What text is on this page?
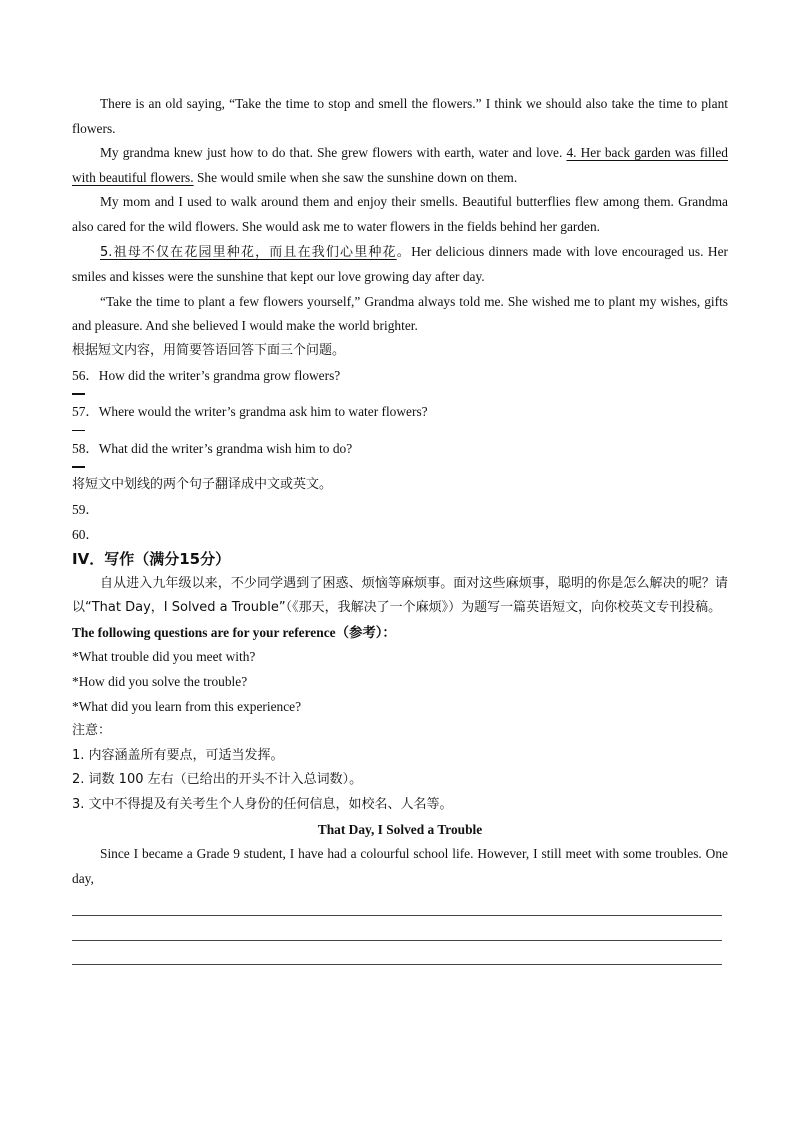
There is an old saying, “Take the time to stop and smell the flowers.” I think we should also take the time to plant flowers.

My grandma knew just how to do that. She grew flowers with earth, water and love. 4. Her back garden was filled with beautiful flowers. She would smile when she saw the sunshine down on them.

My mom and I used to walk around them and enjoy their smells. Beautiful butterflies flew among them. Grandma also cared for the wild flowers. She would ask me to water flowers in the fields behind her garden.

5.祖母不仅在花园里种花，而且在我们心里种花。Her delicious dinners made with love encouraged us. Her smiles and kisses were the sunshine that kept our love growing day after day.

“Take the time to plant a few flowers yourself,” Grandma always told me. She wished me to plant my wishes, gifts and pleasure. And she believed I would make the world brighter.

根据短文内容，用简要答语回答下面三个问题。

56．How did the writer’s grandma grow flowers?

57．Where would the writer’s grandma ask him to water flowers?

58．What did the writer’s grandma wish him to do?

将短文中划线的两个句子翻译成中文或英文。

59．

60．

IV．写作（满分15分）

自从进入九年级以来，不少同学遇到了困惑、烦恼等麻烦事。面对这些麻烦事，聪明的你是怎么解决的呢？请以“That Day，I Solved a Trouble”（《那天，我解决了一个麻烦》）为题写一篇英语短文，向你校英文专刊投稿。

The following questions are for your reference（参考）：

*What trouble did you meet with?

*How did you solve the trouble?

*What did you learn from this experience?

注意：

1. 内容涵盖所有要点，可适当发挥。

2. 词数 100 左右（已给出的开头不计入总词数）。

3. 文中不得提及有关考生个人身份的任何信息，如校名、人名等。

That Day, I Solved a Trouble

Since I became a Grade 9 student, I have had a colourful school life. However, I still meet with some troubles. One day,
